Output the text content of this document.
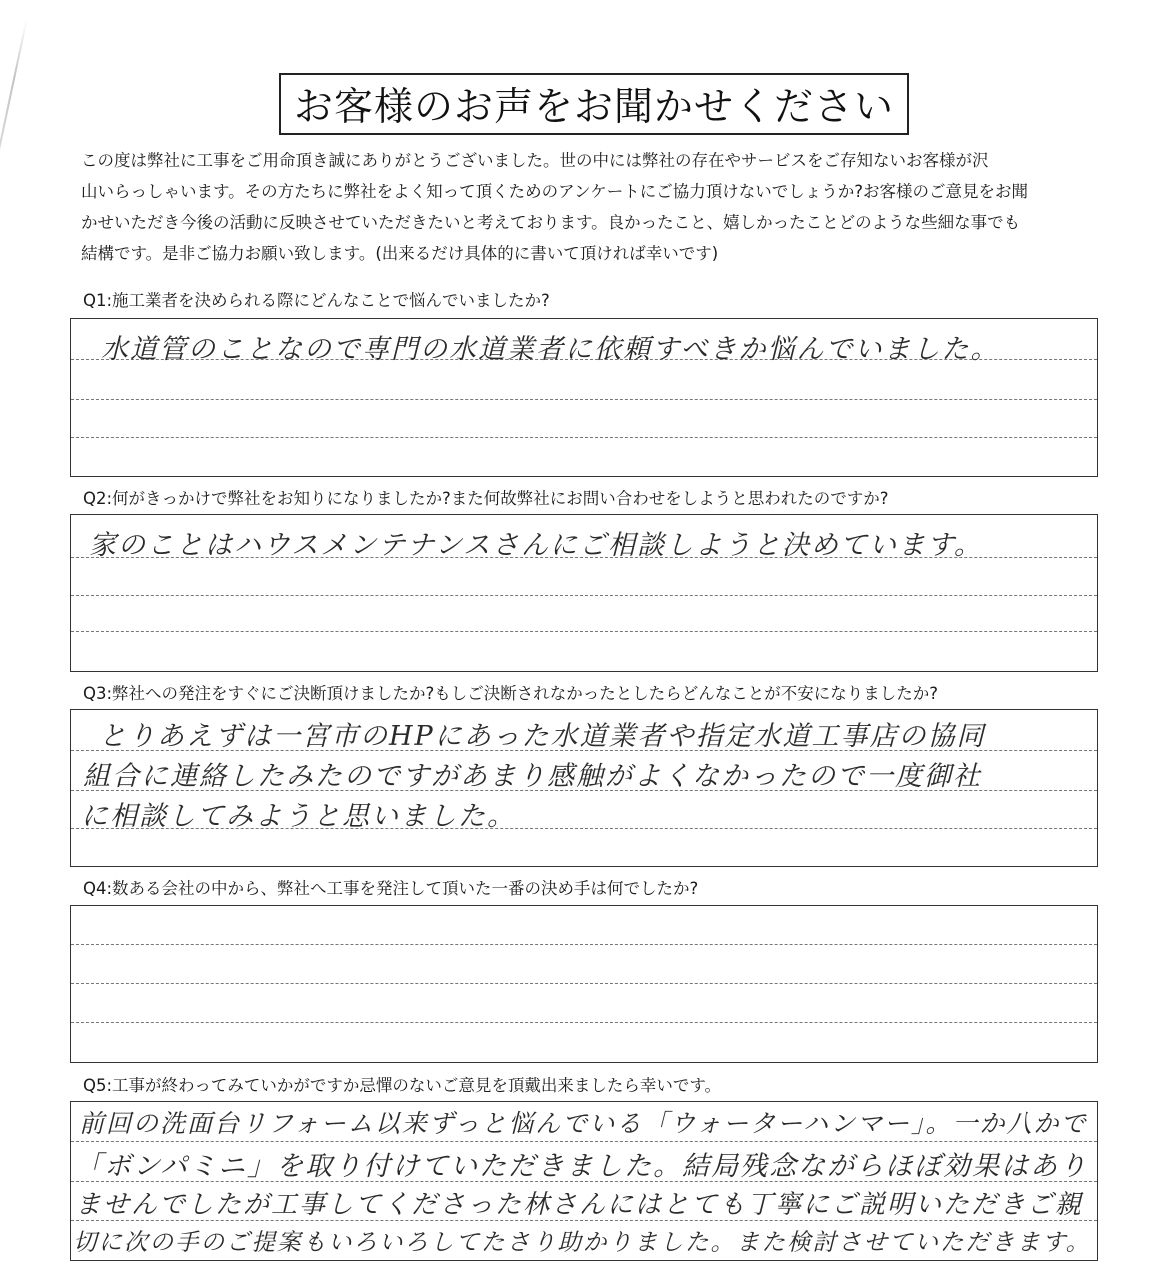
お客様のお声をお聞かせください
この度は弊社に工事をご用命頂き誠にありがとうございました。世の中には弊社の存在やサービスをご存知ないお客様が沢
山いらっしゃいます。その方たちに弊社をよく知って頂くためのアンケートにご協力頂けないでしょうか?お客様のご意見をお聞
かせいただき今後の活動に反映させていただきたいと考えております。良かったこと、嬉しかったことどのような些細な事でも
結構です。是非ご協力お願い致します。(出来るだけ具体的に書いて頂ければ幸いです)
Q1:施工業者を決められる際にどんなことで悩んでいましたか?
水道管のことなので専門の水道業者に依頼すべきか悩んでいました。
Q2:何がきっかけで弊社をお知りになりましたか?また何故弊社にお問い合わせをしようと思われたのですか?
家のことはハウスメンテナンスさんにご相談しようと決めています。
Q3:弊社への発注をすぐにご決断頂けましたか?もしご決断されなかったとしたらどんなことが不安になりましたか?
とりあえずは一宮市のHPにあった水道業者や指定水道工事店の協同
組合に連絡したみたのですがあまり感触がよくなかったので一度御社
に相談してみようと思いました。
Q4:数ある会社の中から、弊社へ工事を発注して頂いた一番の決め手は何でしたか?
Q5:工事が終わってみていかがですか忌憚のないご意見を頂戴出来ましたら幸いです。
前回の洗面台リフォーム以来ずっと悩んでいる「ウォーターハンマー」。一か八かで
「ボンパミニ」を取り付けていただきました。結局残念ながらほぼ効果はあり
ませんでしたが工事してくださった林さんにはとても丁寧にご説明いただきご親
切に次の手のご提案もいろいろしてたさり助かりました。また検討させていただきます。
